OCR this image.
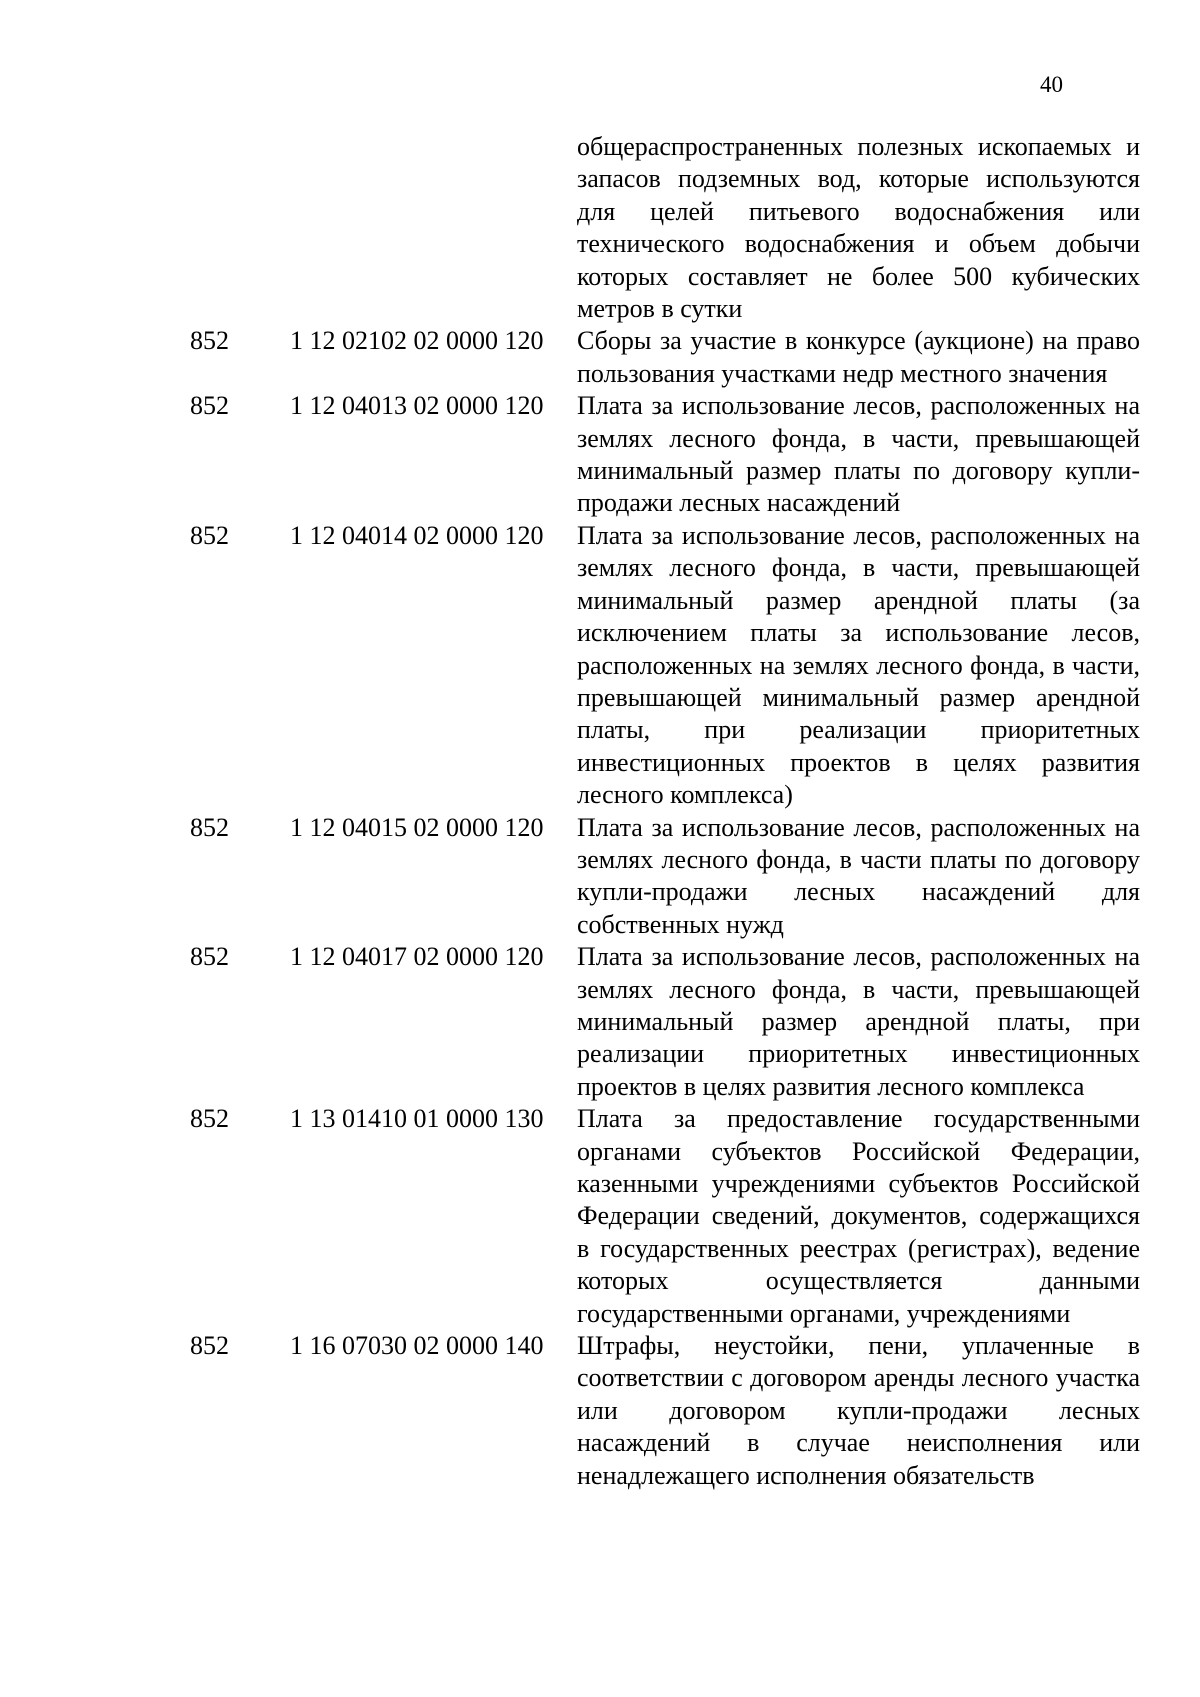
40
общераспространенных полезных ископаемых и запасов подземных вод, которые используются для целей питьевого водоснабжения или технического водоснабжения и объем добычи которых составляет не более 500 кубических метров в сутки
852	1 12 02102 02 0000 120	Сборы за участие в конкурсе (аукционе) на право пользования участками недр местного значения
852	1 12 04013 02 0000 120	Плата за использование лесов, расположенных на землях лесного фонда, в части, превышающей минимальный размер платы по договору купли-продажи лесных насаждений
852	1 12 04014 02 0000 120	Плата за использование лесов, расположенных на землях лесного фонда, в части, превышающей минимальный размер арендной платы (за исключением платы за использование лесов, расположенных на землях лесного фонда, в части, превышающей минимальный размер арендной платы, при реализации приоритетных инвестиционных проектов в целях развития лесного комплекса)
852	1 12 04015 02 0000 120	Плата за использование лесов, расположенных на землях лесного фонда, в части платы по договору купли-продажи лесных насаждений для собственных нужд
852	1 12 04017 02 0000 120	Плата за использование лесов, расположенных на землях лесного фонда, в части, превышающей минимальный размер арендной платы, при реализации приоритетных инвестиционных проектов в целях развития лесного комплекса
852	1 13 01410 01 0000 130	Плата за предоставление государственными органами субъектов Российской Федерации, казенными учреждениями субъектов Российской Федерации сведений, документов, содержащихся в государственных реестрах (регистрах), ведение которых осуществляется данными государственными органами, учреждениями
852	1 16 07030 02 0000 140	Штрафы, неустойки, пени, уплаченные в соответствии с договором аренды лесного участка или договором купли-продажи лесных насаждений в случае неисполнения или ненадлежащего исполнения обязательств
